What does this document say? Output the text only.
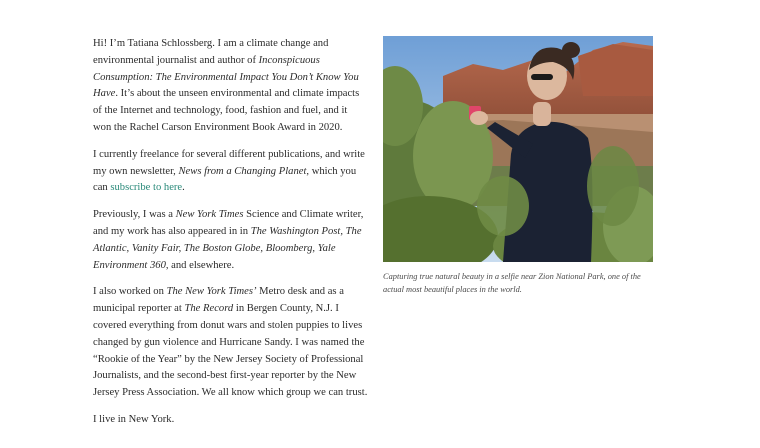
Hi! I’m Tatiana Schlossberg. I am a climate change and environmental journalist and author of Inconspicuous Consumption: The Environmental Impact You Don’t Know You Have. It’s about the unseen environmental and climate impacts of the Internet and technology, food, fashion and fuel, and it won the Rachel Carson Environment Book Award in 2020.

I currently freelance for several different publications, and write my own newsletter, News from a Changing Planet, which you can subscribe to here.

Previously, I was a New York Times Science and Climate writer, and my work has also appeared in in The Washington Post, The Atlantic, Vanity Fair, The Boston Globe, Bloomberg, Yale Environment 360, and elsewhere.

I also worked on The New York Times’ Metro desk and as a municipal reporter at The Record in Bergen County, N.J. I covered everything from donut wars and stolen puppies to lives changed by gun violence and Hurricane Sandy. I was named the “Rookie of the Year” by the New Jersey Society of Professional Journalists, and the second-best first-year reporter by the New Jersey Press Association. We all know which group we can trust.

I live in New York.

Capturing true natural beauty in a selfie near Zion National Park, one of the actual most beautiful places in the world.
